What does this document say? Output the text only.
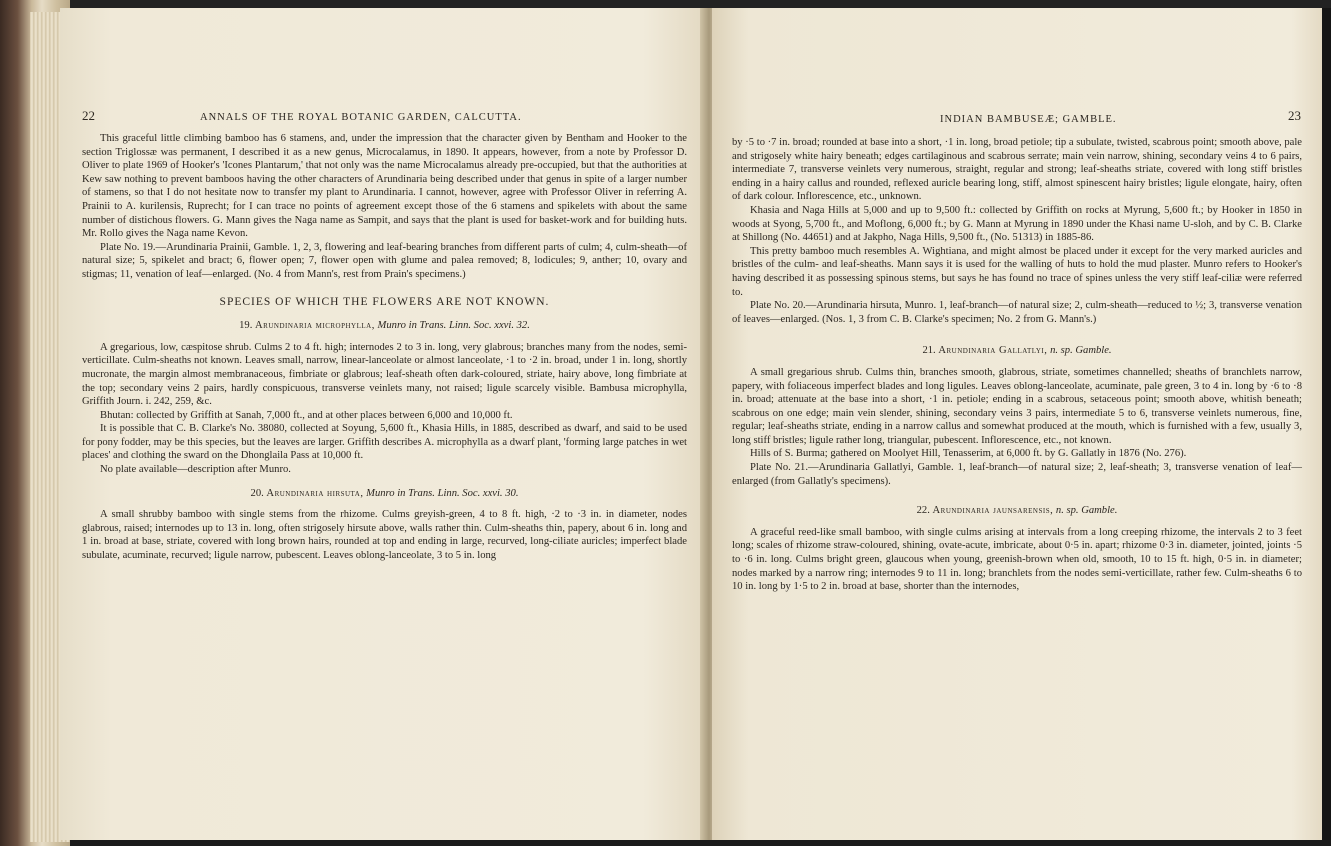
22	ANNALS OF THE ROYAL BOTANIC GARDEN, CALCUTTA.

This graceful little climbing bamboo has 6 stamens, and, under the impression that the character given by Bentham and Hooker to the section Triglossæ was permanent, I described it as a new genus, Microcalamus, in 1890. It appears, however, from a note by Professor D. Oliver to plate 1969 of Hooker's 'Icones Plantarum,' that not only was the name Microcalamus already pre-occupied, but that the authorities at Kew saw nothing to prevent bamboos having the other characters of Arundinaria being described under that genus in spite of a larger number of stamens, so that I do not hesitate now to transfer my plant to Arundinaria. I cannot, however, agree with Professor Oliver in referring A. Prainii to A. kurilensis, Ruprecht; for I can trace no points of agreement except those of the 6 stamens and spikelets with about the same number of distichous flowers. G. Mann gives the Naga name as Sampit, and says that the plant is used for basket-work and for building huts. Mr. Rollo gives the Naga name Kevon.

Plate No. 19.—Arundinaria Prainii, Gamble. 1, 2, 3, flowering and leaf-bearing branches from different parts of culm; 4, culm-sheath—of natural size; 5, spikelet and bract; 6, flower open; 7, flower open with glume and palea removed; 8, lodicules; 9, anther; 10, ovary and stigmas; 11, venation of leaf—enlarged. (No. 4 from Mann's, rest from Prain's specimens.)

SPECIES OF WHICH THE FLOWERS ARE NOT KNOWN.
19. Arundinaria microphylla, Munro in Trans. Linn. Soc. xxvi. 32.

A gregarious, low, cæspitose shrub. Culms 2 to 4 ft. high; internodes 2 to 3 in. long, very glabrous; branches many from the nodes, semi-verticillate. Culm-sheaths not known. Leaves small, narrow, linear-lanceolate or almost lanceolate, ·1 to ·2 in. broad, under 1 in. long, shortly mucronate, the margin almost membranaceous, fimbriate or glabrous; leaf-sheath often dark-coloured, striate, hairy above, long fimbriate at the top; secondary veins 2 pairs, hardly conspicuous, transverse veinlets many, not raised; ligule scarcely visible. Bambusa microphylla, Griffith Journ. i. 242, 259, &c.

Bhutan: collected by Griffith at Sanah, 7,000 ft., and at other places between 6,000 and 10,000 ft.

It is possible that C. B. Clarke's No. 38080, collected at Soyung, 5,600 ft., Khasia Hills, in 1885, described as dwarf, and said to be used for pony fodder, may be this species, but the leaves are larger. Griffith describes A. microphylla as a dwarf plant, 'forming large patches in wet places' and clothing the sward on the Dhonglaila Pass at 10,000 ft.

No plate available—description after Munro.

20. Arundinaria hirsuta, Munro in Trans. Linn. Soc. xxvi. 30.

A small shrubby bamboo with single stems from the rhizome. Culms greyish-green, 4 to 8 ft. high, ·2 to ·3 in. in diameter, nodes glabrous, raised; internodes up to 13 in. long, often strigosely hirsute above, walls rather thin. Culm-sheaths thin, papery, about 6 in. long and 1 in. broad at base, striate, covered with long brown hairs, rounded at top and ending in large, recurved, long-ciliate auricles; imperfect blade subulate, acuminate, recurved; ligule narrow, pubescent. Leaves oblong-lanceolate, 3 to 5 in. long

INDIAN BAMBUSEÆ; GAMBLE.	23

by ·5 to ·7 in. broad; rounded at base into a short, ·1 in. long, broad petiole; tip a subulate, twisted, scabrous point; smooth above, pale and strigosely white hairy beneath; edges cartilaginous and scabrous serrate; main vein narrow, shining, secondary veins 4 to 6 pairs, intermediate 7, transverse veinlets very numerous, straight, regular and strong; leaf-sheaths striate, covered with long stiff bristles ending in a hairy callus and rounded, reflexed auricle bearing long, stiff, almost spinescent hairy bristles; ligule elongate, hairy, often of dark colour. Inflorescence, etc., unknown.

Khasia and Naga Hills at 5,000 and up to 9,500 ft.: collected by Griffith on rocks at Myrung, 5,600 ft.; by Hooker in 1850 in woods at Syong, 5,700 ft., and Moflong, 6,000 ft.; by G. Mann at Myrung in 1890 under the Khasi name U-sloh, and by C. B. Clarke at Shillong (No. 44651) and at Jakpho, Naga Hills, 9,500 ft., (No. 51313) in 1885-86.

This pretty bamboo much resembles A. Wightiana, and might almost be placed under it except for the very marked auricles and bristles of the culm- and leaf-sheaths. Mann says it is used for the walling of huts to hold the mud plaster. Munro refers to Hooker's having described it as possessing spinous stems, but says he has found no trace of spines unless the very stiff leaf-ciliæ were referred to.

Plate No. 20.—Arundinaria hirsuta, Munro. 1, leaf-branch—of natural size; 2, culm-sheath—reduced to ½; 3, transverse venation of leaves—enlarged. (Nos. 1, 3 from C. B. Clarke's specimen; No. 2 from G. Mann's.)

21. Arundinaria Gallatlyi, n. sp. Gamble.

A small gregarious shrub. Culms thin, branches smooth, glabrous, striate, sometimes channelled; sheaths of branchlets narrow, papery, with foliaceous imperfect blades and long ligules. Leaves oblong-lanceolate, acuminate, pale green, 3 to 4 in. long by ·6 to ·8 in. broad; attenuate at the base into a short, ·1 in. petiole; ending in a scabrous, setaceous point; smooth above, whitish beneath; scabrous on one edge; main vein slender, shining, secondary veins 3 pairs, intermediate 5 to 6, transverse veinlets numerous, fine, regular; leaf-sheaths striate, ending in a narrow callus and somewhat produced at the mouth, which is furnished with a few, usually 3, long stiff bristles; ligule rather long, triangular, pubescent. Inflorescence, etc., not known.

Hills of S. Burma; gathered on Moolyet Hill, Tenasserim, at 6,000 ft. by G. Gallatly in 1876 (No. 276).

Plate No. 21.—Arundinaria Gallatlyi, Gamble. 1, leaf-branch—of natural size; 2, leaf-sheath; 3, transverse venation of leaf—enlarged (from Gallatly's specimens).

22. Arundinaria jaunsarensis, n. sp. Gamble.

A graceful reed-like small bamboo, with single culms arising at intervals from a long creeping rhizome, the intervals 2 to 3 feet long; scales of rhizome straw-coloured, shining, ovate-acute, imbricate, about 0·5 in. apart; rhizome 0·3 in. diameter, jointed, joints ·5 to ·6 in. long. Culms bright green, glaucous when young, greenish-brown when old, smooth, 10 to 15 ft. high, 0·5 in. in diameter; nodes marked by a narrow ring; internodes 9 to 11 in. long; branchlets from the nodes semi-verticillate, rather few. Culm-sheaths 6 to 10 in. long by 1·5 to 2 in. broad at base, shorter than the internodes,
